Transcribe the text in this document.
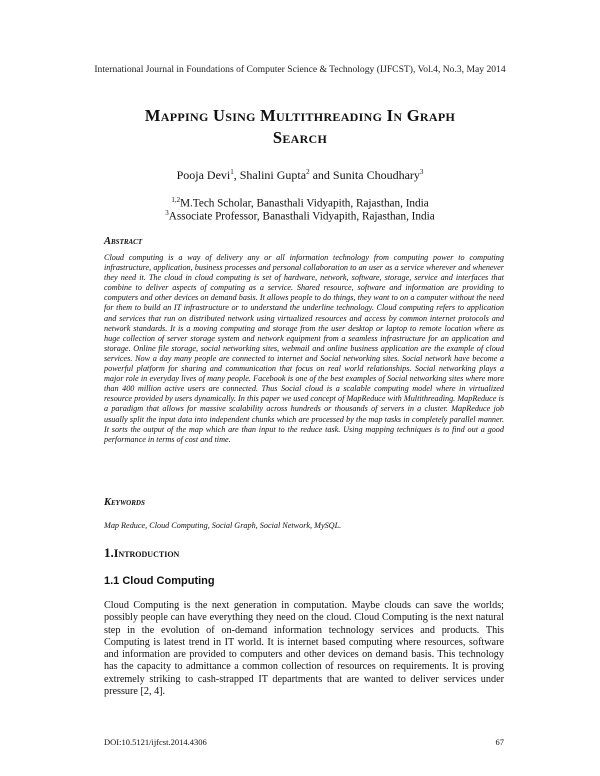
International Journal in Foundations of Computer Science & Technology (IJFCST), Vol.4, No.3, May 2014
Mapping Using Multithreading In Graph
Search
Pooja Devi$^1$, Shalini Gupta$^2$ and Sunita Choudhary$^3$
$^{1,2}$M.Tech Scholar, Banasthali Vidyapith, Rajasthan, India
$^3$Associate Professor, Banasthali Vidyapith, Rajasthan, India
Abstract
Cloud computing is a way of delivery any or all information technology from computing power to computing infrastructure, application, business processes and personal collaboration to an user as a service wherever and whenever they need it. The cloud in cloud computing is set of hardware, network, software, storage, service and interfaces that combine to deliver aspects of computing as a service. Shared resource, software and information are providing to computers and other devices on demand basis. It allows people to do things, they want to on a computer without the need for them to build an IT infrastructure or to understand the underline technology. Cloud computing refers to application and services that run on distributed network using virtualized resources and access by common internet protocols and network standards. It is a moving computing and storage from the user desktop or laptop to remote location where as huge collection of server storage system and network equipment from a seamless infrastructure for an application and storage. Online file storage, social networking sites, webmail and online business application are the example of cloud services. Now a day many people are connected to internet and Social networking sites. Social network have become a powerful platform for sharing and communication that focus on real world relationships. Social networking plays a major role in everyday lives of many people. Facebook is one of the best examples of Social networking sites where more than 400 million active users are connected. Thus Social cloud is a scalable computing model where in virtualized resource provided by users dynamically. In this paper we used concept of MapReduce with Multithreading. MapReduce is a paradigm that allows for massive scalability across hundreds or thousands of servers in a cluster. MapReduce job usually split the input data into independent chunks which are processed by the map tasks in completely parallel manner. It sorts the output of the map which are than input to the reduce task. Using mapping techniques is to find out a good performance in terms of cost and time.
Keywords
Map Reduce, Cloud Computing, Social Graph, Social Network, MySQL.
1.Introduction
1.1 Cloud Computing
Cloud Computing is the next generation in computation. Maybe clouds can save the worlds; possibly people can have everything they need on the cloud. Cloud Computing is the next natural step in the evolution of on-demand information technology services and products. This Computing is latest trend in IT world. It is internet based computing where resources, software and information are provided to computers and other devices on demand basis. This technology has the capacity to admittance a common collection of resources on requirements. It is proving extremely striking to cash-strapped IT departments that are wanted to deliver services under pressure [2, 4].
DOI:10.5121/ijfcst.2014.4306	67
